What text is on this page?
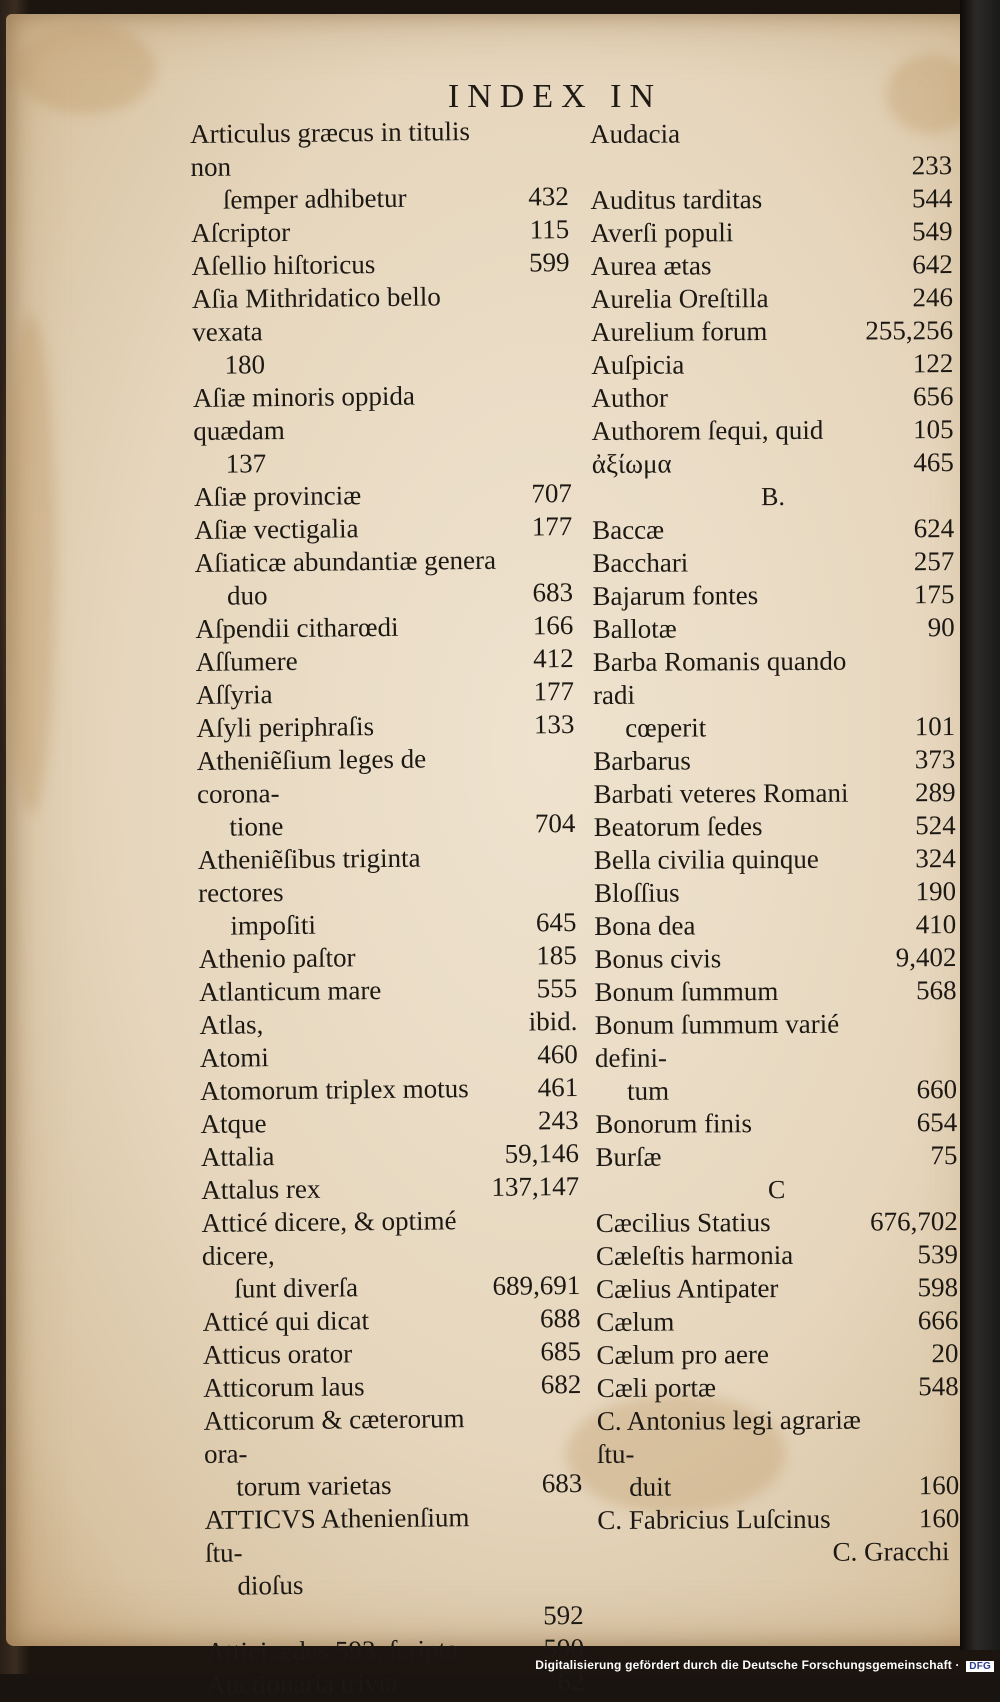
INDEX IN
Articulus græcus in titulis non
ſemper adhibetur	432
Aſcriptor	115
Aſellio hiſtoricus	599
Aſia Mithridatico bello vexata
180
Aſiæ minoris oppida quædam
137
Aſiæ provinciæ	707
Aſiæ vectigalia	177
Aſiaticæ abundantiæ genera
duo	683
Aſpendii citharœdi	166
Aſſumere	412
Aſſyria	177
Aſyli periphraſis	133
Atheniẽſium leges de corona-
tione	704
Atheniẽſibus triginta rectores
impoſiti	645
Athenio paſtor	185
Atlanticum mare	555
Atlas,	ibid.
Atomi	460
Atomorum triplex motus	461
Atque	243
Attalia	59,146
Attalus rex	137,147
Atticé dicere, & optimé dicere,
ſunt diverſa	689,691
Atticé qui dicat	688
Atticus orator	685
Atticorum laus	682
Atticorum & cæterorum ora-
torum varietas	683
ATTICVS Athenienſium ſtu-
dioſus

592
Attici ædes 593. ſcripta	590
Auctionaria trivia	62
Audacia

233
Auditus tarditas	544
Averſi populi	549
Aurea ætas	642
Aurelia Oreſtilla	246
Aurelium forum	255,256
Auſpicia	122
Author	656
Authorem ſequi, quid	105
ἀξίωμα	465
B.
Baccæ	624
Bacchari	257
Bajarum fontes	175
Ballotæ	90
Barba Romanis quando radi
cœperit	101
Barbarus	373
Barbati veteres Romani	289
Beatorum ſedes	524
Bella civilia quinque	324
Bloſſius	190
Bona dea	410
Bonus civis	9,402
Bonum ſummum	568
Bonum ſummum varié defini-
tum	660
Bonorum finis	654
Burſæ	75
C
Cæcilius Statius	676,702
Cæleſtis harmonia	539
Cælius Antipater	598
Cælum	666
Cælum pro aere	20
Cæli portæ	548
C. Antonius legi agrariæ ſtu-
duit	160
C. Fabricius Luſcinus	160
C. Gracchi
Digitalisierung gefördert durch die Deutsche Forschungsgemeinschaft · DFG
